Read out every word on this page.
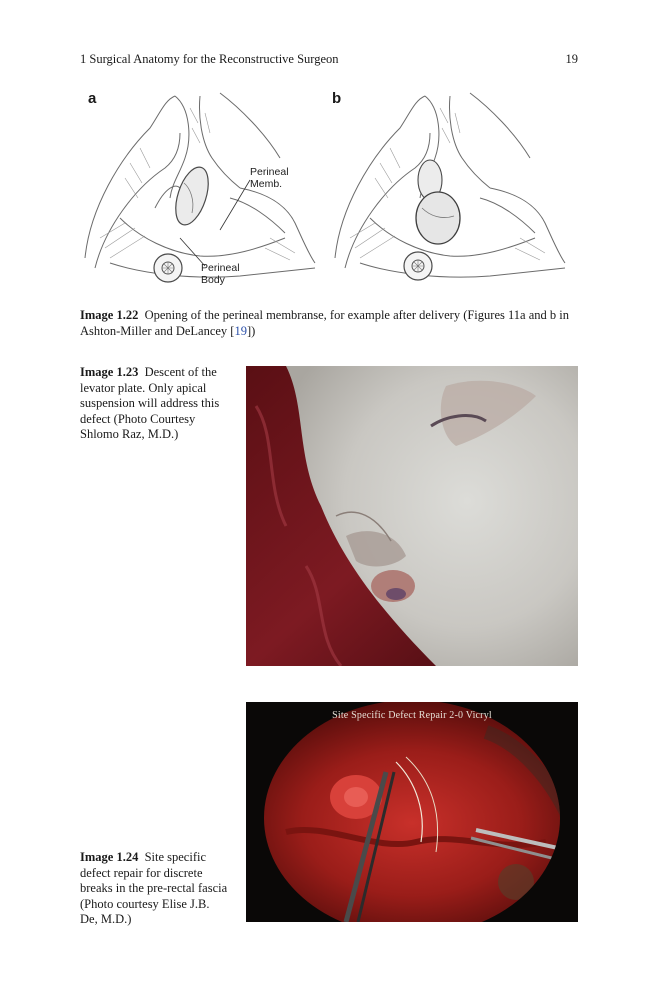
1 Surgical Anatomy for the Reconstructive Surgeon	19
a
Perineal Memb.
Perineal Body
b
Image 1.22 Opening of the perineal membranse, for example after delivery (Figures 11a and b in Ashton-Miller and DeLancey [19])
Image 1.23 Descent of the levator plate. Only apical suspension will address this defect (Photo Courtesy Shlomo Raz, M.D.)
Site Specific Defect Repair 2-0 Vicryl
Image 1.24 Site specific defect repair for discrete breaks in the pre-rectal fascia (Photo courtesy Elise J.B. De, M.D.)
